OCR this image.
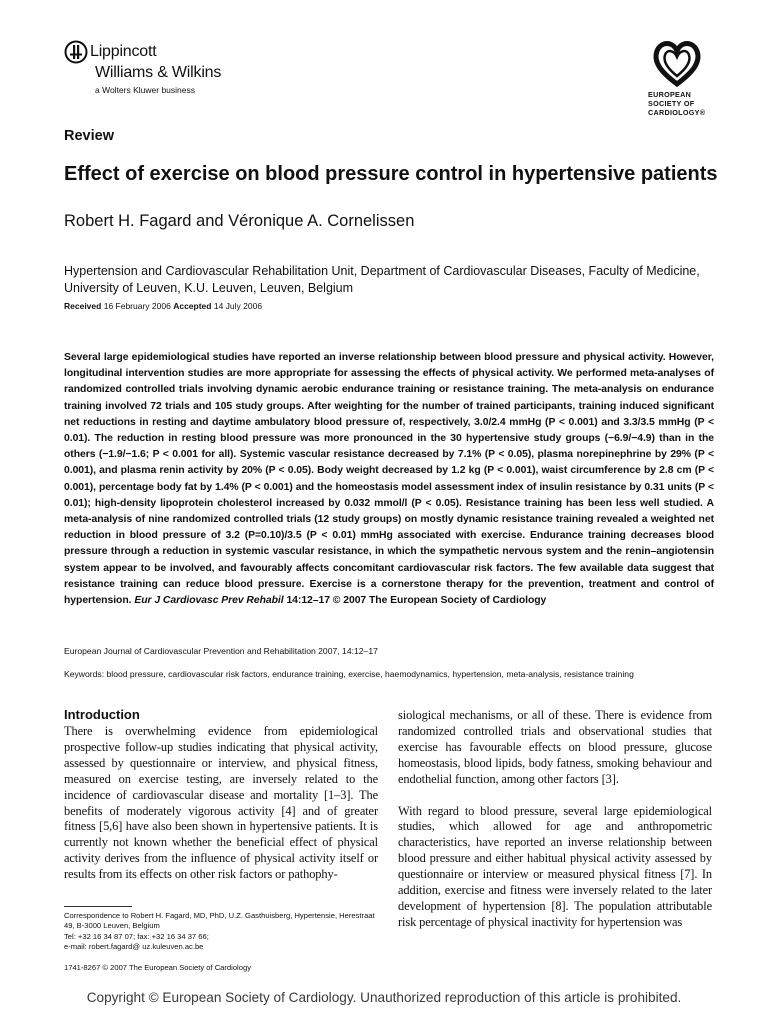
Lippincott
Williams & Wilkins
a Wolters Kluwer business	EUROPEAN
SOCIETY OF
CARDIOLOGY®
Review
Effect of exercise on blood pressure control in hypertensive patients
Robert H. Fagard and Véronique A. Cornelissen
Hypertension and Cardiovascular Rehabilitation Unit, Department of Cardiovascular Diseases, Faculty of Medicine, University of Leuven, K.U. Leuven, Leuven, Belgium
Received 16 February 2006 Accepted 14 July 2006
Several large epidemiological studies have reported an inverse relationship between blood pressure and physical activity. However, longitudinal intervention studies are more appropriate for assessing the effects of physical activity. We performed meta-analyses of randomized controlled trials involving dynamic aerobic endurance training or resistance training. The meta-analysis on endurance training involved 72 trials and 105 study groups. After weighting for the number of trained participants, training induced significant net reductions in resting and daytime ambulatory blood pressure of, respectively, 3.0/2.4 mmHg (P < 0.001) and 3.3/3.5 mmHg (P < 0.01). The reduction in resting blood pressure was more pronounced in the 30 hypertensive study groups (−6.9/−4.9) than in the others (−1.9/−1.6; P < 0.001 for all). Systemic vascular resistance decreased by 7.1% (P < 0.05), plasma norepinephrine by 29% (P < 0.001), and plasma renin activity by 20% (P < 0.05). Body weight decreased by 1.2 kg (P < 0.001), waist circumference by 2.8 cm (P < 0.001), percentage body fat by 1.4% (P < 0.001) and the homeostasis model assessment index of insulin resistance by 0.31 units (P < 0.01); high-density lipoprotein cholesterol increased by 0.032 mmol/l (P < 0.05). Resistance training has been less well studied. A meta-analysis of nine randomized controlled trials (12 study groups) on mostly dynamic resistance training revealed a weighted net reduction in blood pressure of 3.2 (P=0.10)/3.5 (P < 0.01) mmHg associated with exercise. Endurance training decreases blood pressure through a reduction in systemic vascular resistance, in which the sympathetic nervous system and the renin–angiotensin system appear to be involved, and favourably affects concomitant cardiovascular risk factors. The few available data suggest that resistance training can reduce blood pressure. Exercise is a cornerstone therapy for the prevention, treatment and control of hypertension. Eur J Cardiovasc Prev Rehabil 14:12–17 © 2007 The European Society of Cardiology
European Journal of Cardiovascular Prevention and Rehabilitation 2007, 14:12–17
Keywords: blood pressure, cardiovascular risk factors, endurance training, exercise, haemodynamics, hypertension, meta-analysis, resistance training
Introduction

There is overwhelming evidence from epidemiological prospective follow-up studies indicating that physical activity, assessed by questionnaire or interview, and physical fitness, measured on exercise testing, are inversely related to the incidence of cardiovascular disease and mortality [1–3]. The benefits of moderately vigorous activity [4] and of greater fitness [5,6] have also been shown in hypertensive patients. It is currently not known whether the beneficial effect of physical activity derives from the influence of physical activity itself or results from its effects on other risk factors or pathophy-

siological mechanisms, or all of these. There is evidence from randomized controlled trials and observational studies that exercise has favourable effects on blood pressure, glucose homeostasis, blood lipids, body fatness, smoking behaviour and endothelial function, among other factors [3].

With regard to blood pressure, several large epidemiological studies, which allowed for age and anthropometric characteristics, have reported an inverse relationship between blood pressure and either habitual physical activity assessed by questionnaire or interview or measured physical fitness [7]. In addition, exercise and fitness were inversely related to the later development of hypertension [8]. The population attributable risk percentage of physical inactivity for hypertension was

Correspondence to Robert H. Fagard, MD, PhD, U.Z. Gasthuisberg, Hypertensie, Herestraat 49, B-3000 Leuven, Belgium
Tel: +32 16 34 87 07; fax: +32 16 34 37 66;
e-mail: robert.fagard@ uz.kuleuven.ac.be
1741-8267 © 2007 The European Society of Cardiology
Copyright © European Society of Cardiology. Unauthorized reproduction of this article is prohibited.
